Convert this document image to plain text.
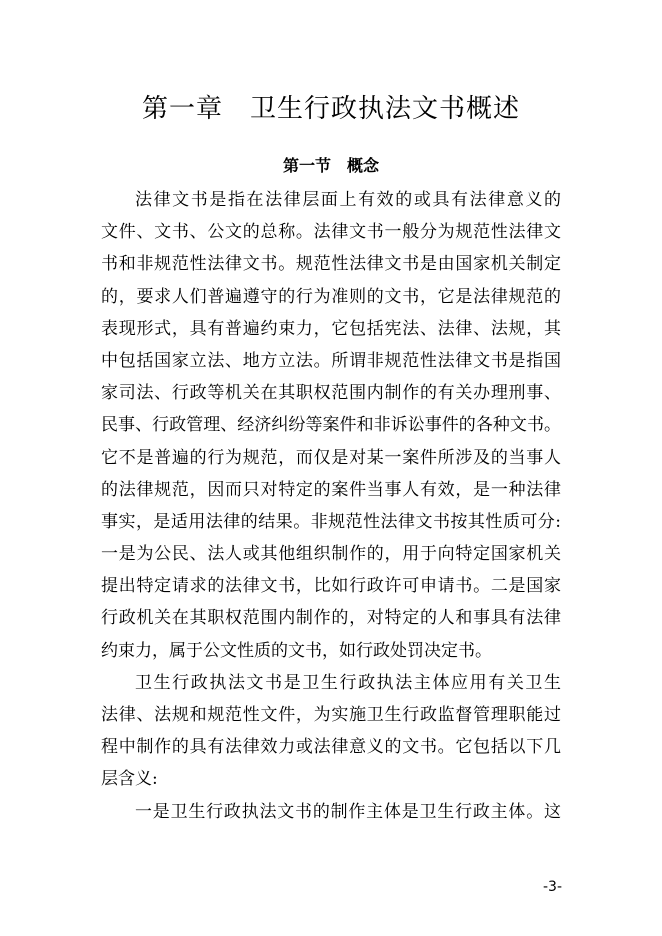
第一章　卫生行政执法文书概述
第一节　概念
法律文书是指在法律层面上有效的或具有法律意义的
文件、文书、公文的总称。法律文书一般分为规范性法律文
书和非规范性法律文书。规范性法律文书是由国家机关制定
的，要求人们普遍遵守的行为准则的文书，它是法律规范的
表现形式，具有普遍约束力，它包括宪法、法律、法规，其
中包括国家立法、地方立法。所谓非规范性法律文书是指国
家司法、行政等机关在其职权范围内制作的有关办理刑事、
民事、行政管理、经济纠纷等案件和非诉讼事件的各种文书。
它不是普遍的行为规范，而仅是对某一案件所涉及的当事人
的法律规范，因而只对特定的案件当事人有效，是一种法律
事实，是适用法律的结果。非规范性法律文书按其性质可分:
一是为公民、法人或其他组织制作的，用于向特定国家机关
提出特定请求的法律文书，比如行政许可申请书。二是国家
行政机关在其职权范围内制作的，对特定的人和事具有法律
约束力，属于公文性质的文书，如行政处罚决定书。
卫生行政执法文书是卫生行政执法主体应用有关卫生
法律、法规和规范性文件，为实施卫生行政监督管理职能过
程中制作的具有法律效力或法律意义的文书。它包括以下几
层含义:
一是卫生行政执法文书的制作主体是卫生行政主体。这
-3-
